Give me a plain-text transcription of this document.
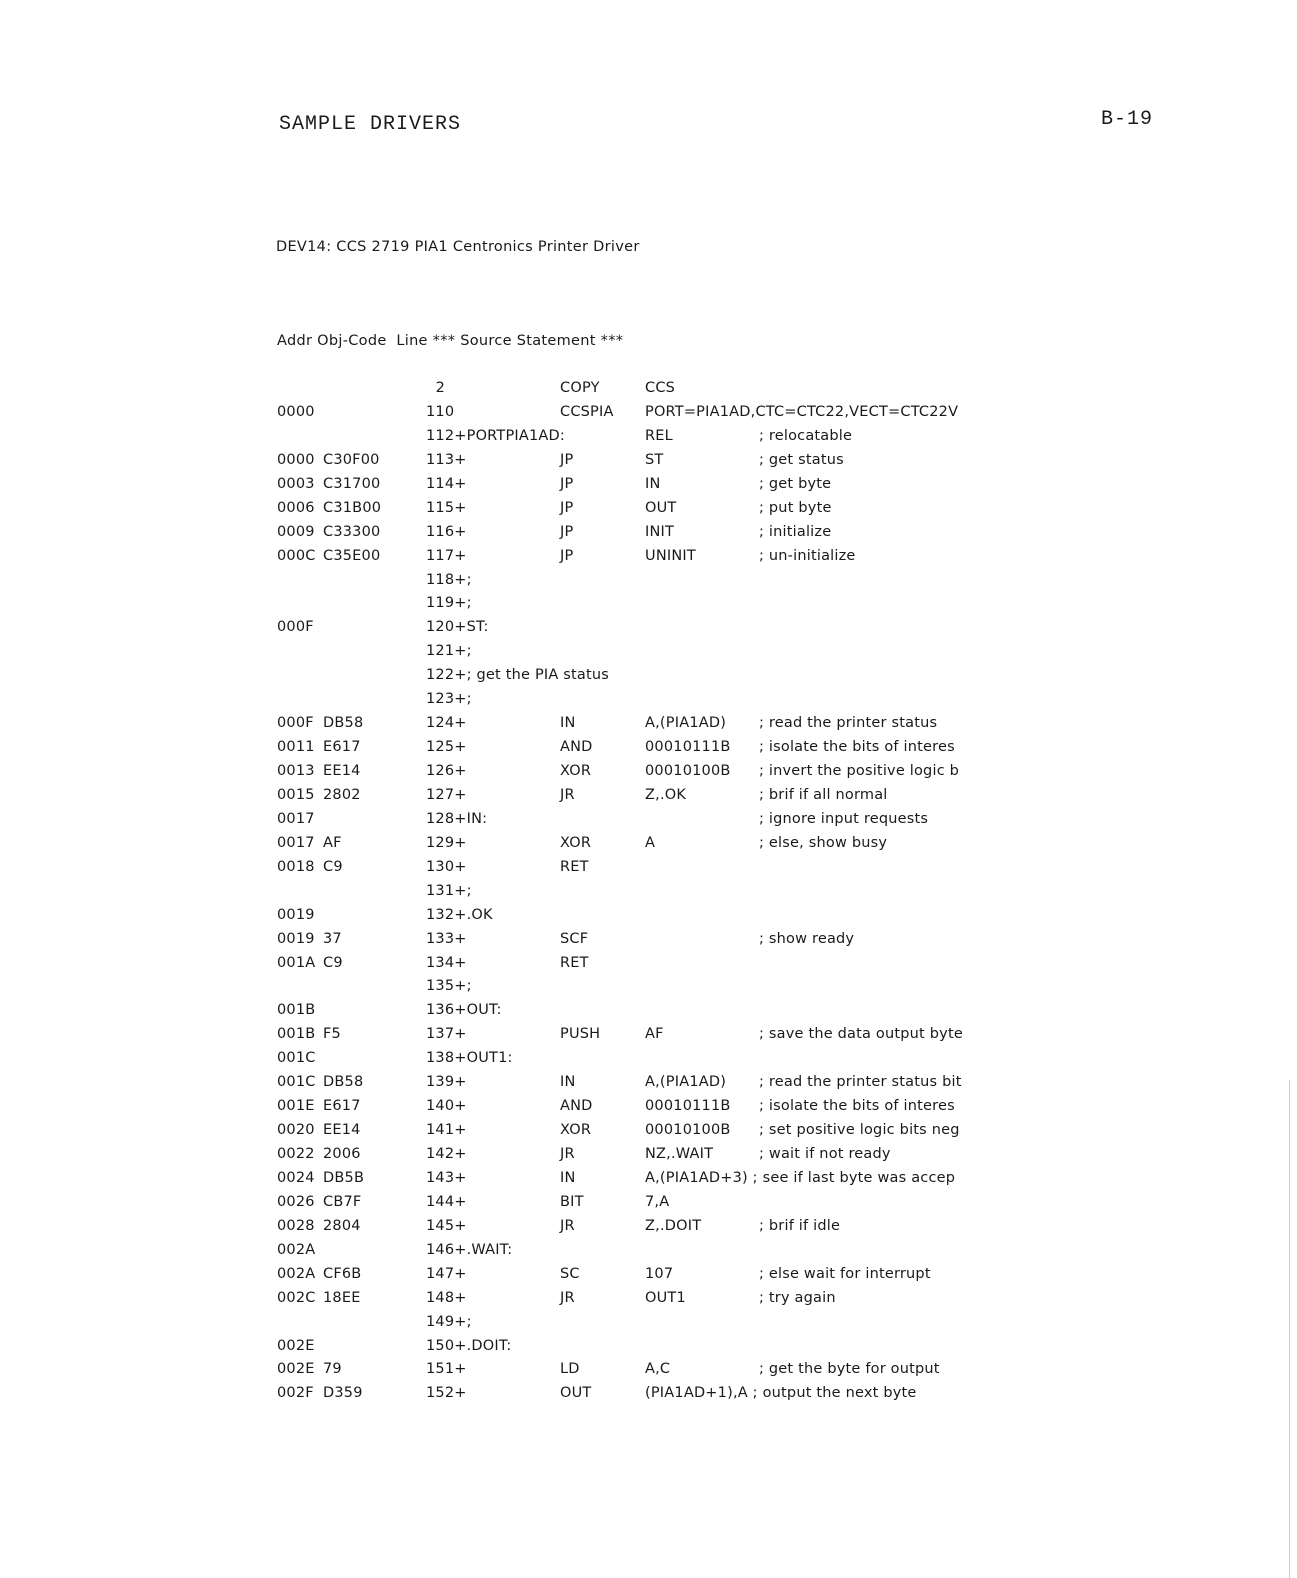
SAMPLE DRIVERS	B-19
DEV14: CCS 2719 PIA1 Centronics Printer Driver
Addr Obj-Code  Line *** Source Statement ***
2	COPY	CCS
0000	110	CCSPIA PORT=PIA1AD,CTC=CTC22,VECT=CTC22V
112+PORTPIA1AD:	REL	; relocatable
0000 C30F00	113+	JP	ST	; get status
0003 C31700	114+	JP	IN	; get byte
0006 C31B00	115+	JP	OUT	; put byte
0009 C33300	116+	JP	INIT	; initialize
000C C35E00	117+	JP	UNINIT	; un-initialize
118+;
119+;
000F	120+ST:
121+;
122+; get the PIA status
123+;
000F DB58	124+	IN	A,(PIA1AD) ; read the printer status
0011 E617	125+	AND	00010111B ; isolate the bits of interes
0013 EE14	126+	XOR	00010100B ; invert the positive logic b
0015 2802	127+	JR	Z,.OK	; brif if all normal
0017	128+IN:	; ignore input requests
0017 AF	129+	XOR	A	; else, show busy
0018 C9	130+	RET
131+;
0019	132+.OK
0019 37	133+	SCF	; show ready
001A C9	134+	RET
135+;
001B	136+OUT:
001B F5	137+	PUSH	AF	; save the data output byte
001C	138+OUT1:
001C DB58	139+	IN	A,(PIA1AD) ; read the printer status bit
001E E617	140+	AND	00010111B ; isolate the bits of interes
0020 EE14	141+	XOR	00010100B ; set positive logic bits neg
0022 2006	142+	JR	NZ,.WAIT	; wait if not ready
0024 DB5B	143+	IN	A,(PIA1AD+3) ; see if last byte was accep
0026 CB7F	144+	BIT	7,A
0028 2804	145+	JR	Z,.DOIT	; brif if idle
002A	146+.WAIT:
002A CF6B	147+	SC	107	; else wait for interrupt
002C 18EE	148+	JR	OUT1	; try again
149+;
002E	150+.DOIT:
002E 79	151+	LD	A,C	; get the byte for output
002F D359	152+	OUT	(PIA1AD+1),A ; output the next byte
